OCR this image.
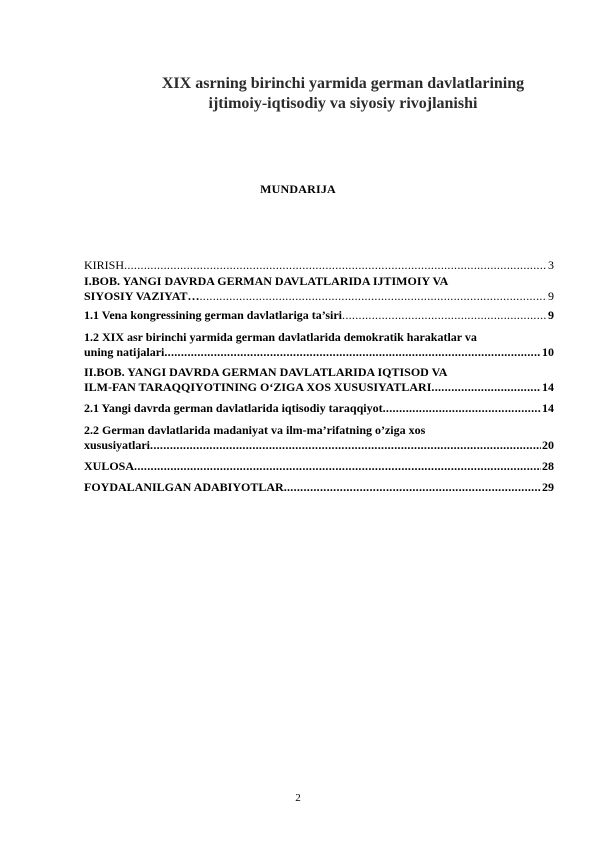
XIX asrning birinchi yarmida german davlatlarining
ijtimoiy-iqtisodiy va siyosiy rivojlanishi
MUNDARIJA
KIRISH .....	3
I.BOB. YANGI DAVRDA GERMAN DAVLATLARIDA IJTIMOIY VA
SIYOSIY VAZIYAT… .....	9
1.1 Vena kongressining german davlatlariga ta’siri .....	9
1.2 XIX asr birinchi yarmida german davlatlarida demokratik harakatlar va
uning natijalari .....	10
II.BOB. YANGI DAVRDA GERMAN DAVLATLARIDA IQTISOD VA
ILM-FAN TARAQQIYOTINING O‘ZIGA XOS XUSUSIYATLARI .....	14
2.1 Yangi davrda german davlatlarida iqtisodiy taraqqiyot .....	14
2.2 German davlatlarida madaniyat va ilm-ma’rifatning o’ziga xos
xususiyatlari .....	20
XULOSA .....	28
FOYDALANILGAN ADABIYOTLAR .....	29
2
